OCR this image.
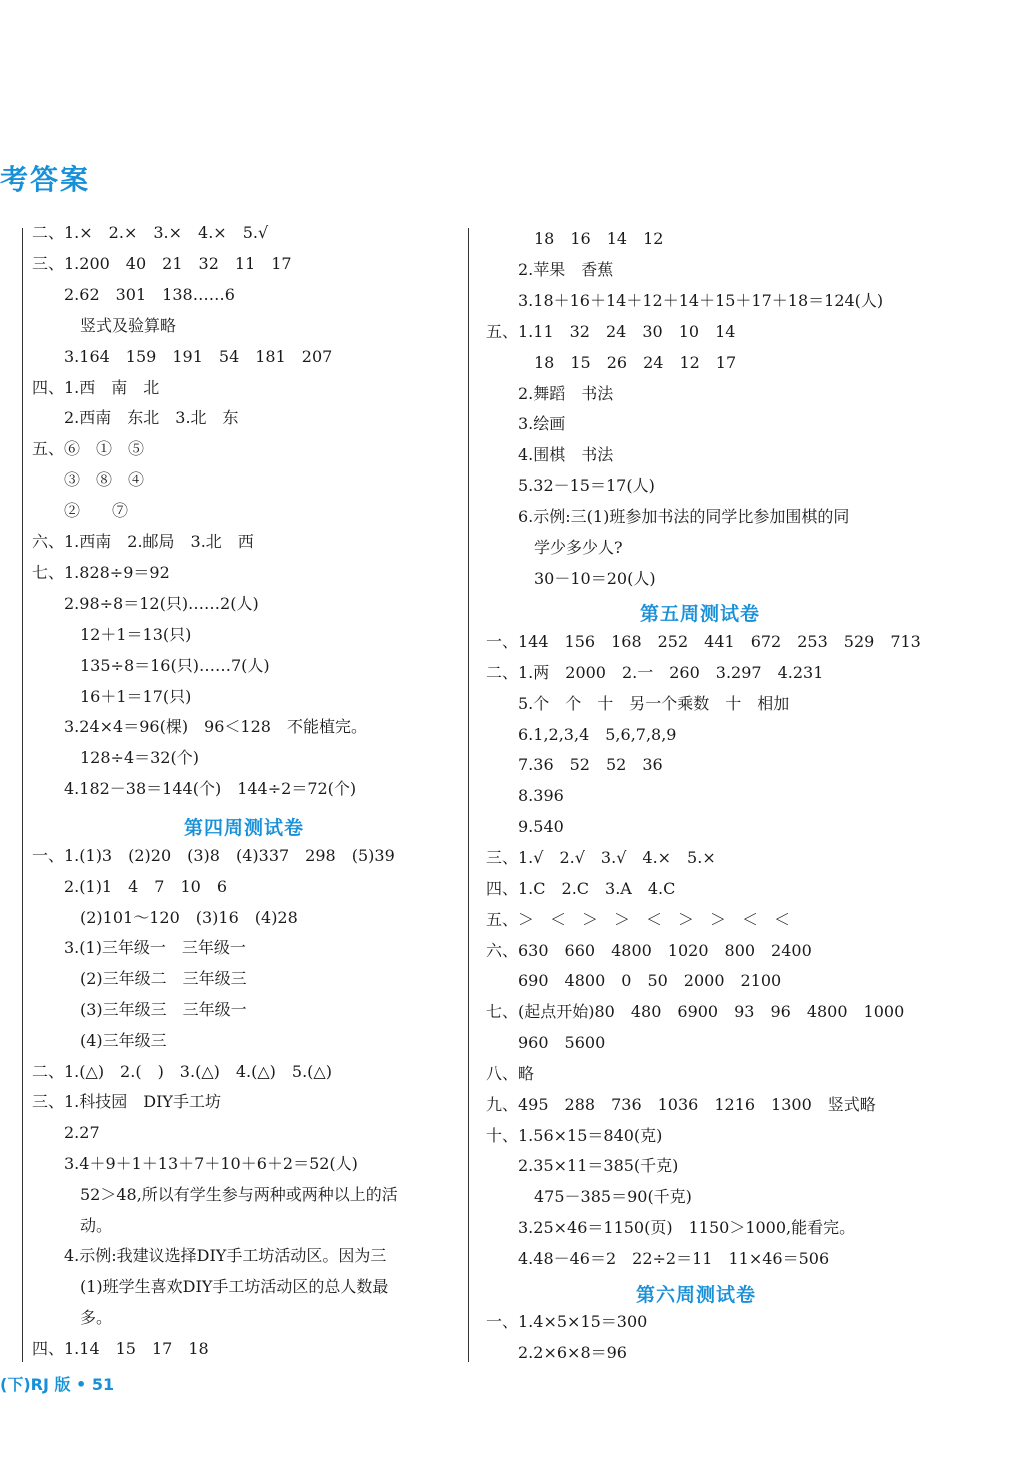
考答案
二、1.×　2.×　3.×　4.×　5.√
三、1.200　40　21　32　11　17
　　2.62　301　138……6
　　　竖式及验算略
　　3.164　159　191　54　181　207
四、1.西　南　北
　　2.西南　东北　3.北　东
五、⑥　①　⑤
　　③　⑧　④
　　②　　⑦
六、1.西南　2.邮局　3.北　西
七、1.828÷9＝92
　　2.98÷8＝12(只)……2(人)
　　　12＋1＝13(只)
　　　135÷8＝16(只)……7(人)
　　　16＋1＝17(只)
　　3.24×4＝96(棵)　96＜128　不能植完。
　　　128÷4＝32(个)
　　4.182－38＝144(个)　144÷2＝72(个)
第四周测试卷
一、1.(1)3　(2)20　(3)8　(4)337　298　(5)39
　　2.(1)1　4　7　10　6
　　　(2)101～120　(3)16　(4)28
　　3.(1)三年级一　三年级一
　　　(2)三年级二　三年级三
　　　(3)三年级三　三年级一
　　　(4)三年级三
二、1.(△)　2.(　)　3.(△)　4.(△)　5.(△)
三、1.科技园　DIY手工坊
　　2.27
　　3.4＋9＋1＋13＋7＋10＋6＋2＝52(人)
　　　52＞48,所以有学生参与两种或两种以上的活
　　　动。
　　4.示例:我建议选择DIY手工坊活动区。因为三
　　　(1)班学生喜欢DIY手工坊活动区的总人数最
　　　多。
四、1.14　15　17　18
　　　18　16　14　12
　　2.苹果　香蕉
　　3.18＋16＋14＋12＋14＋15＋17＋18＝124(人)
五、1.11　32　24　30　10　14
　　　18　15　26　24　12　17
　　2.舞蹈　书法
　　3.绘画
　　4.围棋　书法
　　5.32－15＝17(人)
　　6.示例:三(1)班参加书法的同学比参加围棋的同
　　　学少多少人?
　　　30－10＝20(人)
第五周测试卷
一、144　156　168　252　441　672　253　529　713
二、1.两　2000　2.一　260　3.297　4.231
　　5.个　个　十　另一个乘数　十　相加
　　6.1,2,3,4　5,6,7,8,9
　　7.36　52　52　36
　　8.396
　　9.540
三、1.√　2.√　3.√　4.×　5.×
四、1.C　2.C　3.A　4.C
五、＞　＜　＞　＞　＜　＞　＞　＜　＜
六、630　660　4800　1020　800　2400
　　690　4800　0　50　2000　2100
七、(起点开始)80　480　6900　93　96　4800　1000
　　960　5600
八、略
九、495　288　736　1036　1216　1300　竖式略
十、1.56×15＝840(克)
　　2.35×11＝385(千克)
　　　475－385＝90(千克)
　　3.25×46＝1150(页)　1150＞1000,能看完。
　　4.48－46＝2　22÷2＝11　11×46＝506
第六周测试卷
一、1.4×5×15＝300
　　2.2×6×8＝96
(下)RJ 版 • 51
